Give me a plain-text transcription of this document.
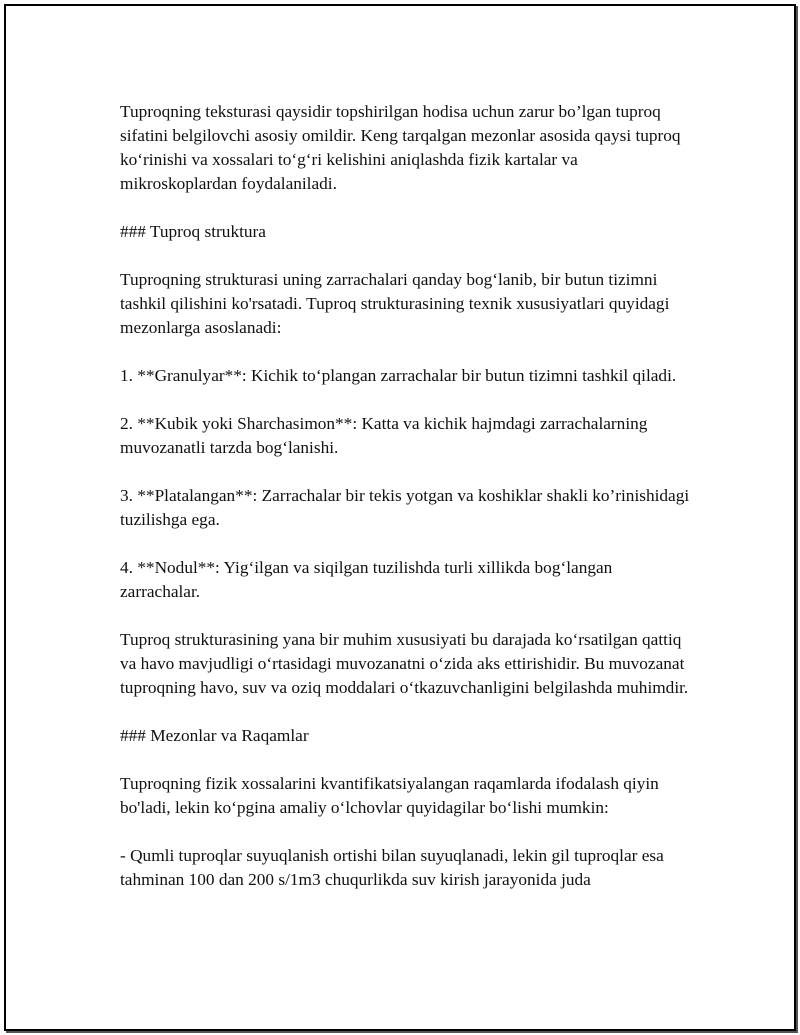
Tuproqning teksturasi qaysidir topshirilgan hodisa uchun zarur bo’lgan tuproq sifatini belgilovchi asosiy omildir. Keng tarqalgan mezonlar asosida qaysi tuproq ko‘rinishi va xossalari to‘g‘ri kelishini aniqlashda fizik kartalar va mikroskoplardan foydalaniladi.

### Tuproq struktura

Tuproqning strukturasi uning zarrachalari qanday bog‘lanib, bir butun tizimni tashkil qilishini ko'rsatadi. Tuproq strukturasining texnik xususiyatlari quyidagi mezonlarga asoslanadi:

1. **Granulyar**: Kichik to‘plangan zarrachalar bir butun tizimni tashkil qiladi.

2. **Kubik yoki Sharchasimon**: Katta va kichik hajmdagi zarrachalarning muvozanatli tarzda bog‘lanishi.

3. **Platalangan**: Zarrachalar bir tekis yotgan va koshiklar shakli ko’rinishidagi tuzilishga ega.

4. **Nodul**: Yig‘ilgan va siqilgan tuzilishda turli xillikda bog‘langan zarrachalar.

Tuproq strukturasining yana bir muhim xususiyati bu darajada ko‘rsatilgan qattiq va havo mavjudligi o‘rtasidagi muvozanatni o‘zida aks ettirishidir. Bu muvozanat tuproqning havo, suv va oziq moddalari o‘tkazuvchanligini belgilashda muhimdir.

### Mezonlar va Raqamlar

Tuproqning fizik xossalarini kvantifikatsiyalangan raqamlarda ifodalash qiyin bo'ladi, lekin ko‘pgina amaliy o‘lchovlar quyidagilar bo‘lishi mumkin:

- Qumli tuproqlar suyuqlanish ortishi bilan suyuqlanadi, lekin gil tuproqlar esa tahminan 100 dan 200 s/1m3 chuqurlikda suv kirish jarayonida juda
